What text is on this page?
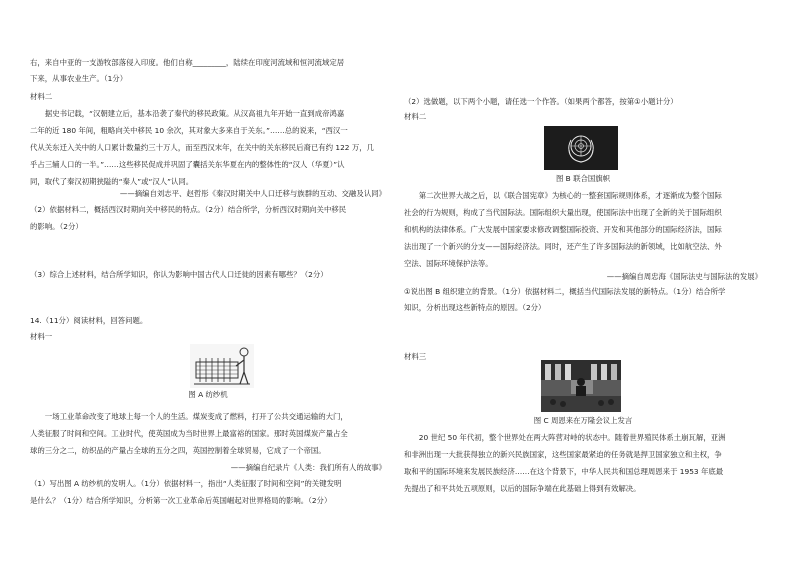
右，来自中亚的一支游牧部落侵入印度。他们自称_________，陆续在印度河流域和恒河流域定居

下来，从事农业生产。（1分）

材料二

据史书记载，“汉朝建立后，基本沿袭了秦代的移民政策。从汉高祖九年开始一直到成帝鸿嘉

二年的近 180 年间，粗略向关中移民 10 余次，其对象大多来自于关东。”……总的说来，“西汉一

代从关东迁入关中的人口累计数量约三十万人，而至西汉末年，在关中的关东移民后裔已有约 122 万，几

乎占三辅人口的一半。”……这些移民促成并巩固了囊括关东华夏在内的整体性的“汉人（华夏）”认

同，取代了秦汉初期狭隘的“秦人”或“汉人”认同。

——摘编自刘志平、赵哲彤《秦汉时期关中人口迁移与族群的互动、交融及认同》

（2）依据材料二，概括西汉时期向关中移民的特点。（2分）结合所学，分析西汉时期向关中移民

的影响。（2分）

（3）综合上述材料，结合所学知识，你认为影响中国古代人口迁徙的因素有哪些？（2分）

14.（11分）阅读材料，回答问题。

材料一

图 A 纺纱机

一场工业革命改变了地球上每一个人的生活。煤炭变成了燃料，打开了公共交通运输的大门，

人类征服了时间和空间。工业时代，使英国成为当时世界上最富裕的国家。那时英国煤炭产量占全

球的三分之二，纺织品的产量占全球的五分之四，英国控制着全球贸易，它成了一个帝国。

——摘编自纪录片《人类：我们所有人的故事》

（1）写出图 A 纺纱机的发明人。（1分）依据材料一，指出“人类征服了时间和空间”的关键发明

是什么？（1分）结合所学知识，分析第一次工业革命后英国崛起对世界格局的影响。（2分）

（2）选做题，以下两个小题，请任选一个作答。（如果两个都答，按第①小题计分）

材料二

图 B 联合国旗帜

第二次世界大战之后，以《联合国宪章》为核心的一整套国际规则体系，才逐渐成为整个国际

社会的行为规则，构成了当代国际法。国际组织大量出现，使国际法中出现了全新的关于国际组织

和机构的法律体系。广大发展中国家要求修改调整国际投资、开发和其他部分的国际经济法，国际

法出现了一个新兴的分支——国际经济法。同时，还产生了许多国际法的新领域，比如航空法、外

空法、国际环境保护法等。

——摘编自周忠海《国际法史与国际法的发展》

①说出图 B 组织建立的背景。（1分）依据材料二，概括当代国际法发展的新特点。（1分）结合所学

知识，分析出现这些新特点的原因。（2分）

材料三

图 C 周恩来在万隆会议上发言

20 世纪 50 年代初，整个世界处在两大阵营对峙的状态中。随着世界殖民体系土崩瓦解，亚洲

和非洲出现一大批获得独立的新兴民族国家，这些国家最紧迫的任务就是捍卫国家独立和主权，争

取和平的国际环境来发展民族经济……在这个背景下，中华人民共和国总理周恩来于 1953 年底最

先提出了和平共处五项原则，以后的国际争端在此基础上得到有效解决。
